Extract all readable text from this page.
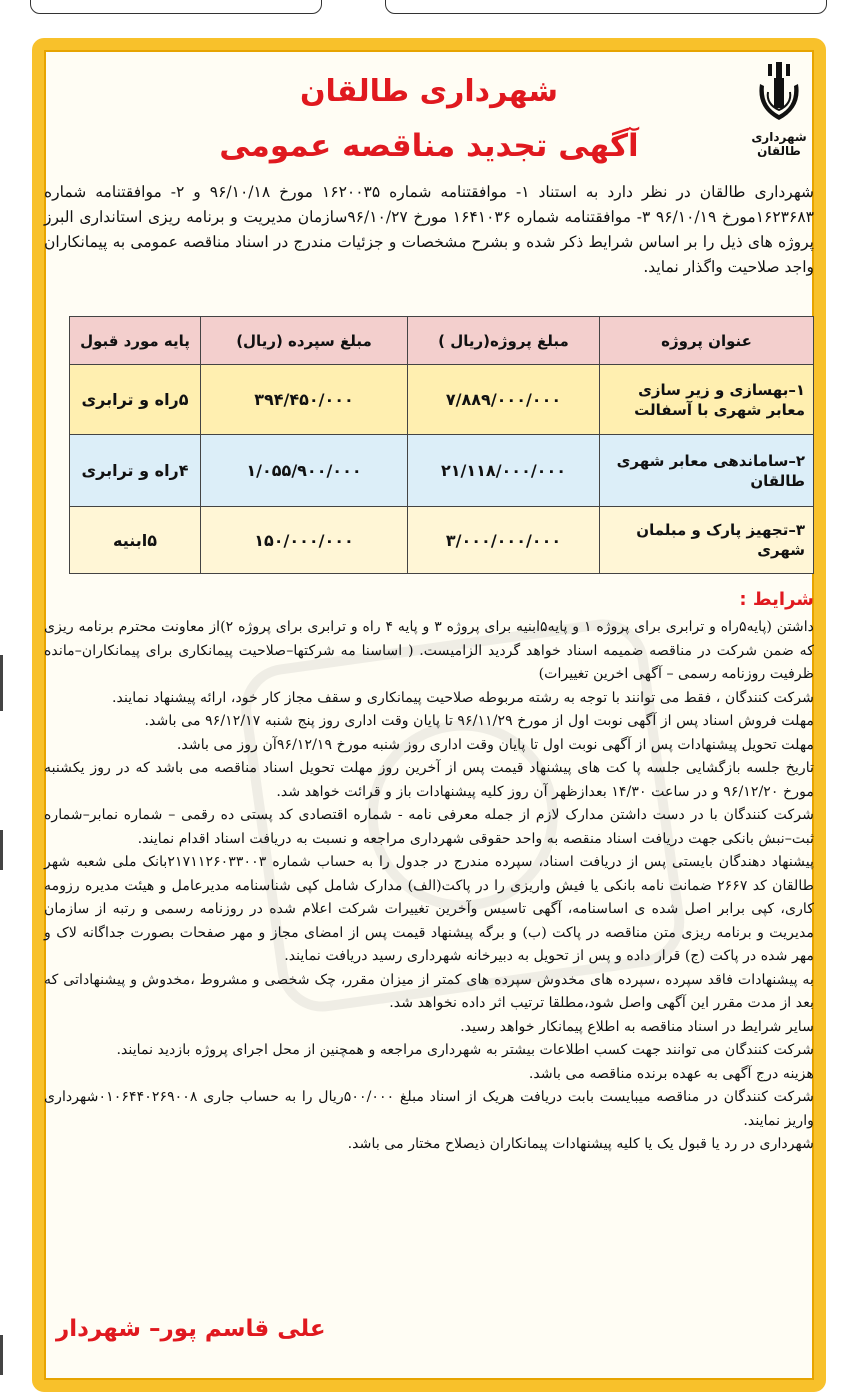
شهرداری طالقان
شهرداری طالقان
آگهی تجدید مناقصه عمومی
شهرداری طالقان در نظر دارد به استناد ۱- موافقتنامه شماره ۱۶۲۰۰۳۵ مورخ ۹۶/۱۰/۱۸ و ۲- موافقتنامه شماره ۱۶۲۳۶۸۳مورخ ۹۶/۱۰/۱۹ ۳- موافقتنامه شماره ۱۶۴۱۰۳۶ مورخ ۹۶/۱۰/۲۷سازمان مدیریت و برنامه ریزی استانداری البرز پروژه های ذیل را بر اساس شرایط ذکر شده و بشرح مشخصات و جزئیات مندرج در اسناد مناقصه عمومی به پیمانکاران واجد صلاحیت واگذار نماید.
عنوان پروژه	مبلغ پروژه(ریال )	مبلغ سپرده (ریال)	پایه مورد قبول
۱–بهسازی و زیر سازی معابر شهری با آسفالت	۷/۸۸۹/۰۰۰/۰۰۰	۳۹۴/۴۵۰/۰۰۰	۵راه و ترابری
۲–ساماندهی معابر شهری طالقان	۲۱/۱۱۸/۰۰۰/۰۰۰	۱/۰۵۵/۹۰۰/۰۰۰	۴راه و ترابری
۳–تجهیز پارک و مبلمان شهری	۳/۰۰۰/۰۰۰/۰۰۰	۱۵۰/۰۰۰/۰۰۰	۵ابنیه
شرایط :

داشتن (پایه۵راه و ترابری برای پروژه ۱ و پایه۵ابنیه برای پروژه ۳ و پایه ۴ راه و ترابری برای پروژه ۲)از معاونت محترم برنامه ریزی که ضمن شرکت در مناقصه ضمیمه اسناد خواهد گردید الزامیست. ( اساسنا مه شرکتها–صلاحیت پیمانکاری برای پیمانکاران–مانده ظرفیت روزنامه رسمی – آگهی اخرین تغییرات)

شرکت کنندگان ، فقط می توانند با توجه به رشته مربوطه صلاحیت پیمانکاری و سقف مجاز کار خود، ارائه پیشنهاد نمایند.

مهلت فروش اسناد پس از آگهی نوبت اول از مورخ ۹۶/۱۱/۲۹ تا پایان وقت اداری روز پنج شنبه ۹۶/۱۲/۱۷ می باشد.

مهلت تحویل پیشنهادات پس از آگهی نوبت اول تا پایان وقت اداری روز شنبه مورخ ۹۶/۱۲/۱۹آن روز می باشد.

تاریخ جلسه بازگشایی جلسه پا کت های پیشنهاد قیمت پس از آخرین روز مهلت تحویل اسناد مناقصه می باشد که در روز یکشنبه مورخ ۹۶/۱۲/۲۰ و در ساعت ۱۴/۳۰ بعدازظهر آن روز کلیه پیشنهادات باز و قرائت خواهد شد.

شرکت کنندگان با در دست داشتن مدارک لازم از جمله معرفی نامه - شماره اقتصادی کد پستی ده رقمی – شماره نمابر–شماره ثبت–نبش بانکی جهت دریافت اسناد منقصه به واحد حقوقی شهرداری مراجعه و نسبت به دریافت اسناد اقدام نمایند.

پیشنهاد دهندگان بایستی پس از دریافت اسناد، سپرده مندرج در جدول را به حساب شماره ۲۱۷۱۱۲۶۰۳۳۰۰۳بانک ملی شعبه شهر طالقان کد ۲۶۶۷ ضمانت نامه بانکی یا فیش واریزی را در پاکت(الف) مدارک شامل کپی شناسنامه مدیرعامل و هیئت مدیره رزومه کاری، کپی برابر اصل شده ی اساسنامه، آگهی تاسیس وآخرین تغییرات شرکت اعلام شده در روزنامه رسمی و رتبه از سازمان مدیریت و برنامه ریزی متن مناقصه در پاکت (ب) و برگه پیشنهاد قیمت پس از امضای مجاز و مهر صفحات بصورت جداگانه لاک و مهر شده در پاکت (ج) قرار داده و پس از تحویل به دبیرخانه شهرداری رسید دریافت نمایند.

به پیشنهادات فاقد سپرده ،سپرده های مخدوش سپرده های کمتر از میزان مقرر، چک شخصی و مشروط ،مخدوش و پیشنهاداتی که بعد از مدت مقرر این آگهی واصل شود،مطلقا ترتیب اثر داده نخواهد شد.

سایر شرایط در اسناد مناقصه به اطلاع پیمانکار خواهد رسید.

شرکت کنندگان می توانند جهت کسب اطلاعات بیشتر به شهرداری مراجعه و همچنین از محل اجرای پروژه بازدید نمایند.

هزینه درج آگهی به عهده برنده مناقصه می باشد.

شرکت کنندگان در مناقصه میبایست بابت دریافت هریک از اسناد مبلغ ۵۰۰/۰۰۰ریال را به حساب جاری ۰۱۰۶۴۴۰۲۶۹۰۰۸شهرداری واریز نمایند.

شهرداری در رد یا قبول یک یا کلیه پیشنهادات پیمانکاران ذیصلاح مختار می باشد.

علی قاسم پور– شهردار
